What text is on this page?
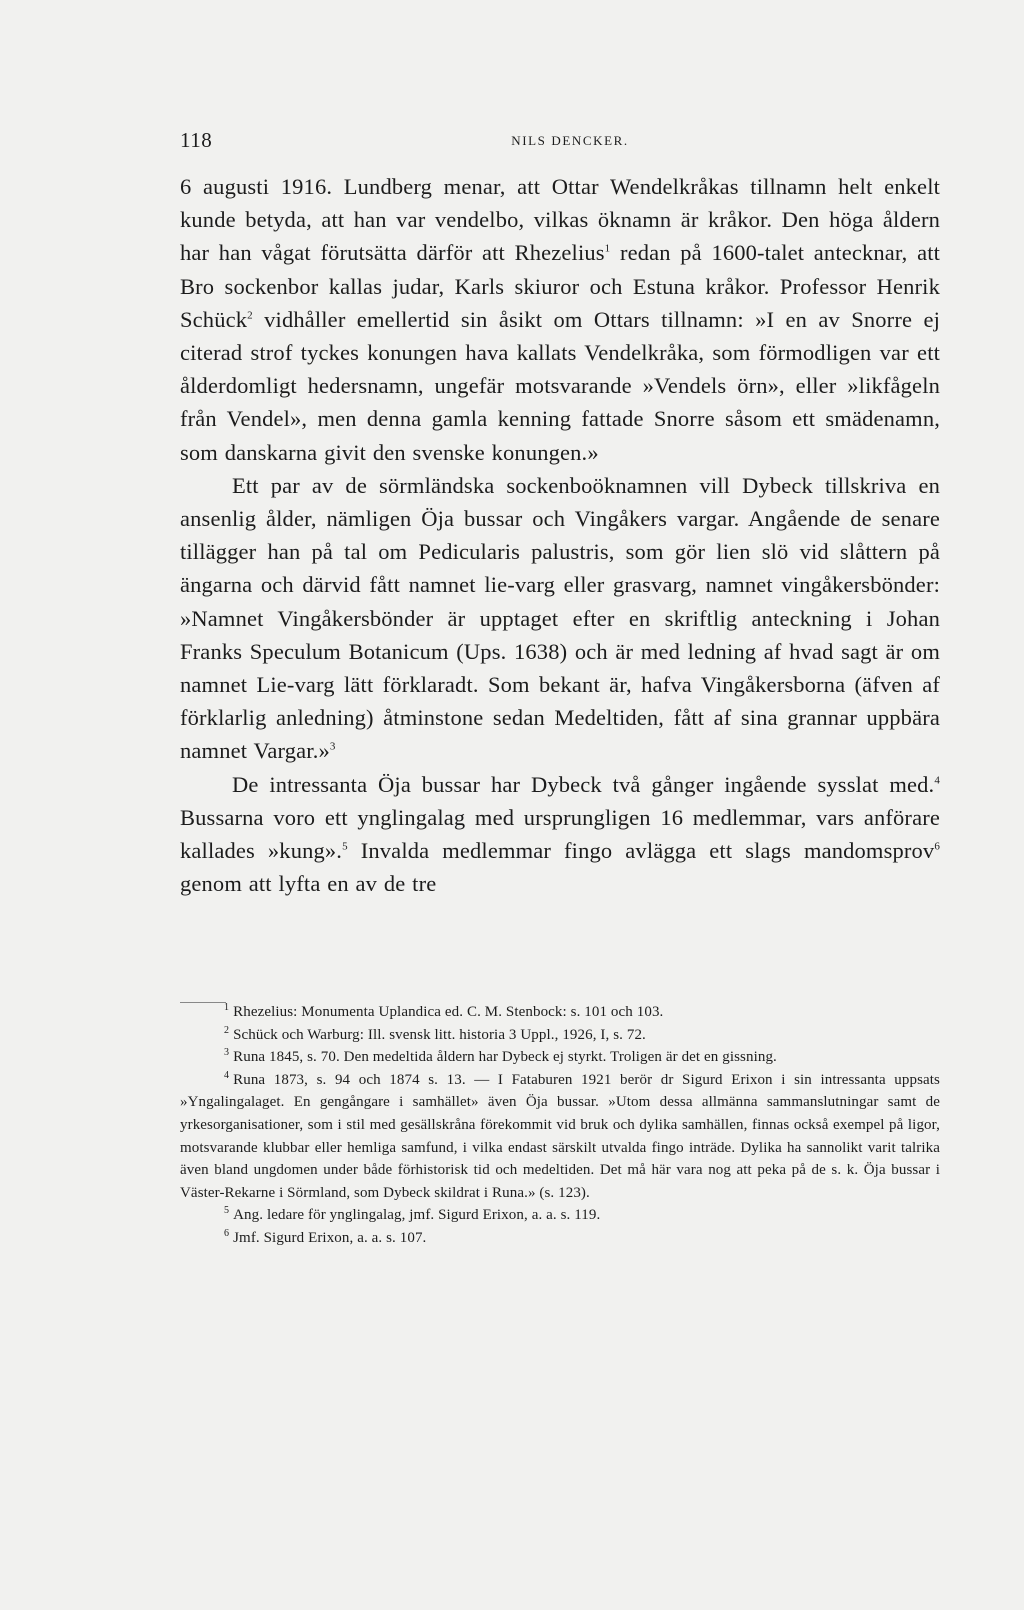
118	NILS DENCKER.

6 augusti 1916. Lundberg menar, att Ottar Wendelkråkas tillnamn helt enkelt kunde betyda, att han var vendelbo, vilkas öknamn är kråkor. Den höga åldern har han vågat förutsätta därför att Rhezelius$^1$ redan på 1600-talet antecknar, att Bro sockenbor kallas judar, Karls skiuror och Estuna kråkor. Professor Henrik Schück$^2$ vidhåller emellertid sin åsikt om Ottars tillnamn: »I en av Snorre ej citerad strof tyckes konungen hava kallats Vendelkråka, som förmodligen var ett ålderdomligt hedersnamn, ungefär motsvarande »Vendels örn», eller »likfågeln från Vendel», men denna gamla kenning fattade Snorre såsom ett smädenamn, som danskarna givit den svenske konungen.»

Ett par av de sörmländska sockenboöknamnen vill Dybeck tillskriva en ansenlig ålder, nämligen Öja bussar och Vingåkers vargar. Angående de senare tillägger han på tal om Pedicularis palustris, som gör lien slö vid slåttern på ängarna och därvid fått namnet lie-varg eller grasvarg, namnet vingåkersbönder: »Namnet Vingåkersbönder är upptaget efter en skriftlig anteckning i Johan Franks Speculum Botanicum (Ups. 1638) och är med ledning af hvad sagt är om namnet Lie-varg lätt förklaradt. Som bekant är, hafva Vingåkersborna (äfven af förklarlig anledning) åtminstone sedan Medeltiden, fått af sina grannar uppbära namnet Vargar.»$^3$

De intressanta Öja bussar har Dybeck två gånger ingående sysslat med.$^4$ Bussarna voro ett ynglingalag med ursprungligen 16 medlemmar, vars anförare kallades »kung».$^5$ Invalda medlemmar fingo avlägga ett slags mandomsprov$^6$ genom att lyfta en av de tre

$^1$ Rhezelius: Monumenta Uplandica ed. C. M. Stenbock: s. 101 och 103.

$^2$ Schück och Warburg: Ill. svensk litt. historia 3 Uppl., 1926, I, s. 72.

$^3$ Runa 1845, s. 70. Den medeltida åldern har Dybeck ej styrkt. Troligen är det en gissning.

$^4$ Runa 1873, s. 94 och 1874 s. 13. — I Fataburen 1921 berör dr Sigurd Erixon i sin intressanta uppsats »Yngalingalaget. En gengångare i samhället» även Öja bussar. »Utom dessa allmänna sammanslutningar samt de yrkesorganisationer, som i stil med gesällskråna förekommit vid bruk och dylika samhällen, finnas också exempel på ligor, motsvarande klubbar eller hemliga samfund, i vilka endast särskilt utvalda fingo inträde. Dylika ha sannolikt varit talrika även bland ungdomen under både förhistorisk tid och medeltiden. Det må här vara nog att peka på de s. k. Öja bussar i Väster-Rekarne i Sörmland, som Dybeck skildrat i Runa.» (s. 123).

$^5$ Ang. ledare för ynglingalag, jmf. Sigurd Erixon, a. a. s. 119.

$^6$ Jmf. Sigurd Erixon, a. a. s. 107.
